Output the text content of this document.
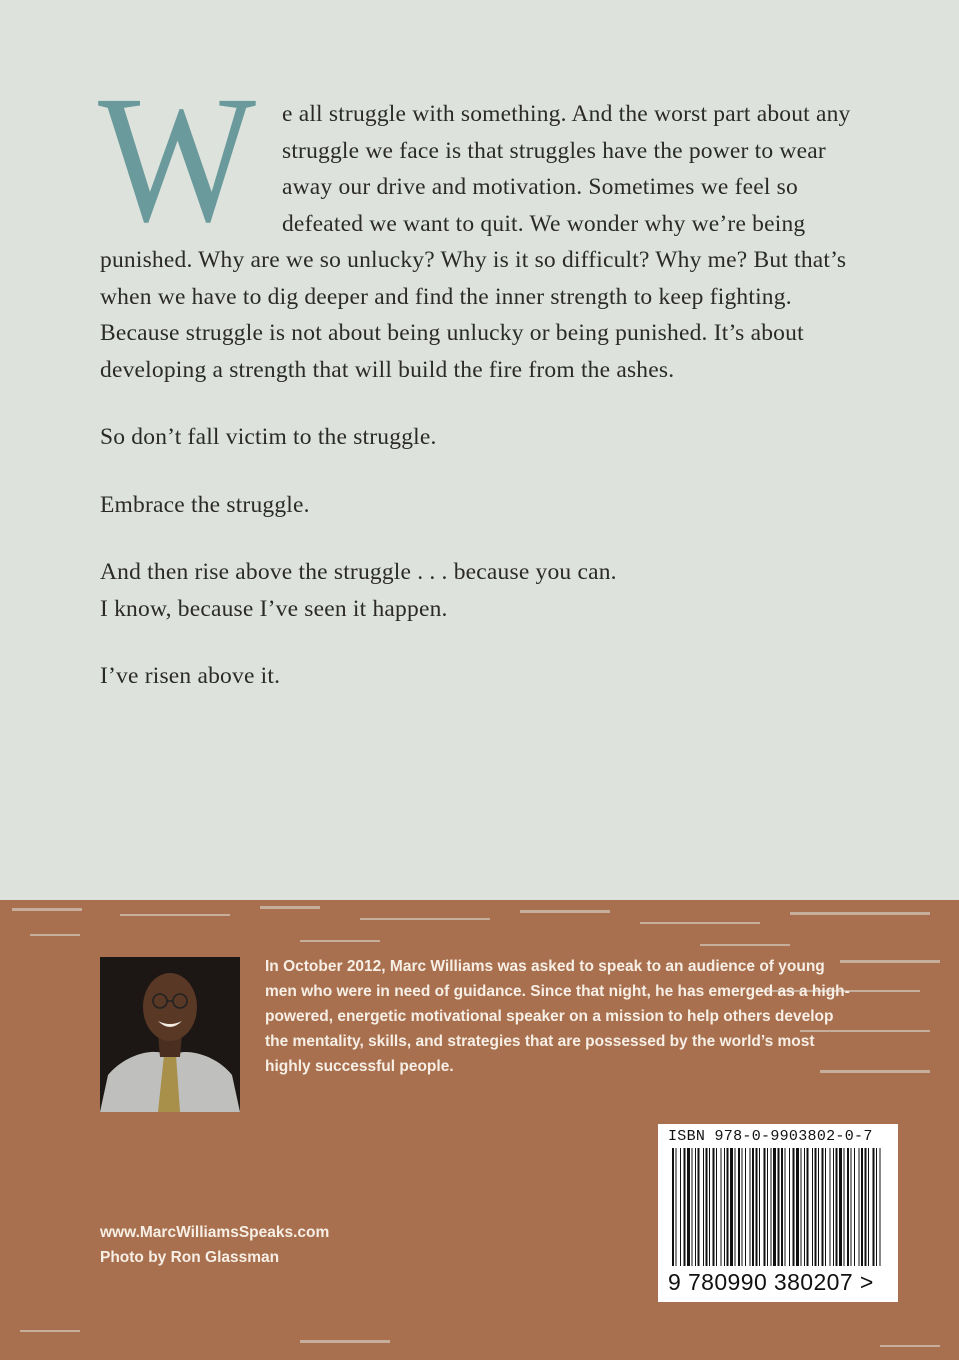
W e all struggle with something. And the worst part about any struggle we face is that struggles have the power to wear away our drive and motivation. Sometimes we feel so defeated we want to quit. We wonder why we’re being punished. Why are we so unlucky? Why is it so difficult? Why me? But that’s when we have to dig deeper and find the inner strength to keep fighting. Because struggle is not about being unlucky or being punished. It’s about developing a strength that will build the fire from the ashes.

So don’t fall victim to the struggle.

Embrace the struggle.

And then rise above the struggle . . . because you can.
I know, because I’ve seen it happen.

I’ve risen above it.

In October 2012, Marc Williams was asked to speak to an audience of young men who were in need of guidance. Since that night, he has emerged as a high-powered, energetic motivational speaker on a mission to help others develop the mentality, skills, and strategies that are possessed by the world’s most highly successful people.
www.MarcWilliamsSpeaks.com
Photo by Ron Glassman
ISBN 978-0-9903802-0-7
9 780990 380207 >
